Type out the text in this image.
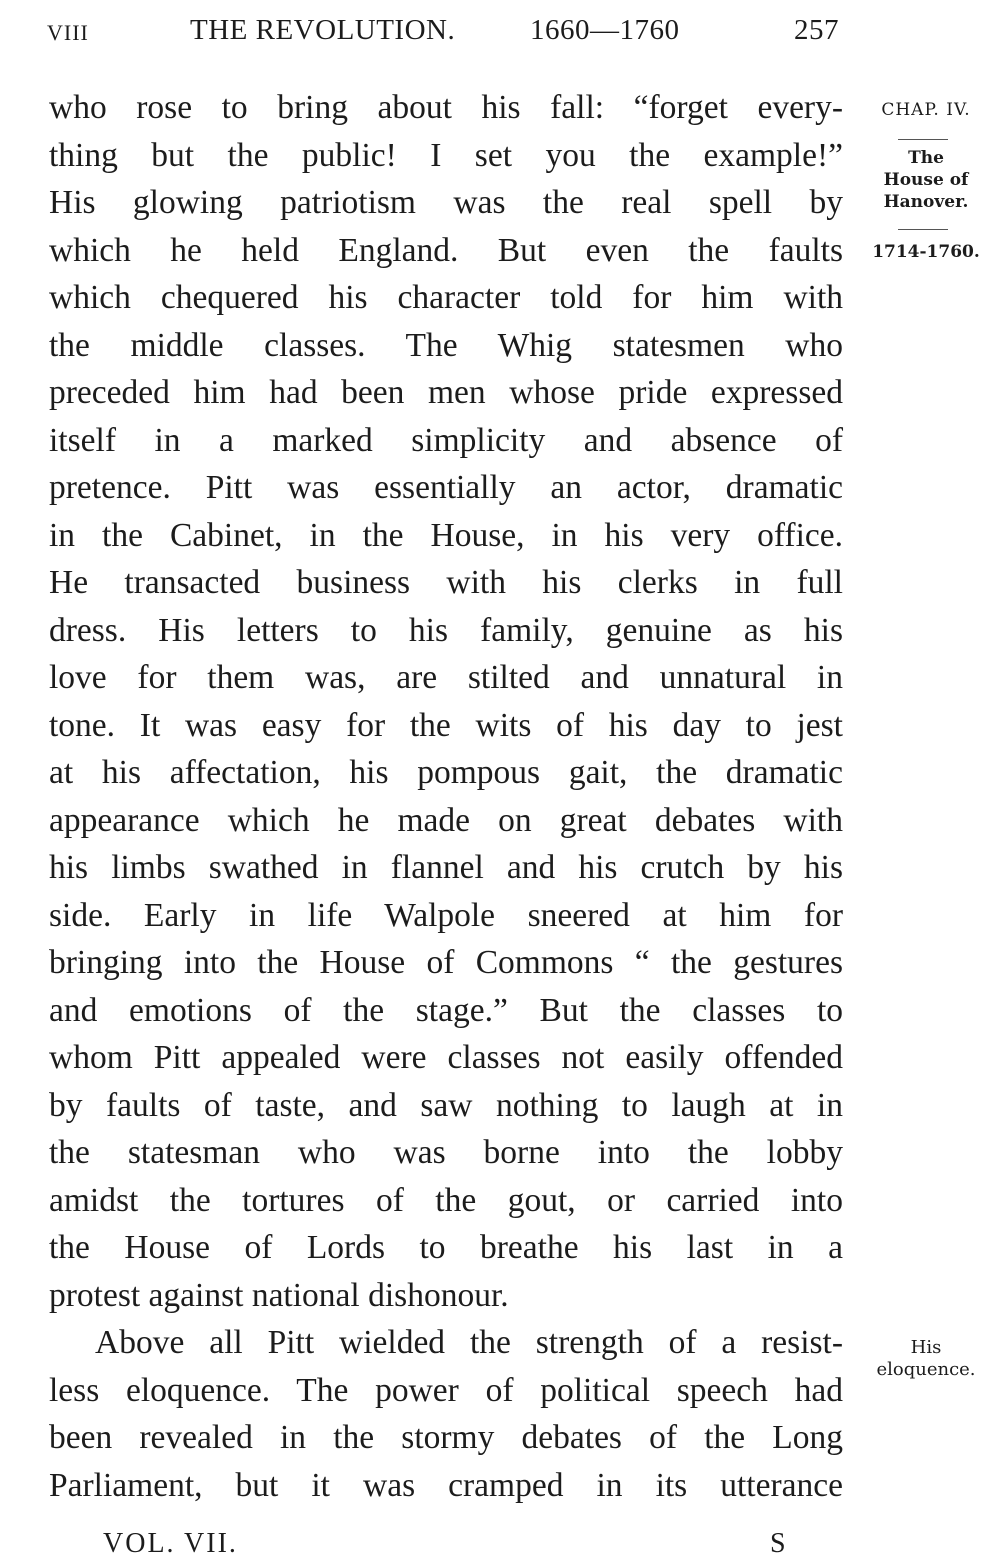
VIII	THE REVOLUTION.	1660—1760	257
CHAP. IV.
The
House of
Hanover.
1714-1760.
His
eloquence.
who rose to bring about his fall: “forget every-
thing but the public! I set you the example!”
His glowing patriotism was the real spell by
which he held England. But even the faults
which chequered his character told for him with
the middle classes. The Whig statesmen who
preceded him had been men whose pride expressed
itself in a marked simplicity and absence of
pretence. Pitt was essentially an actor, dramatic
in the Cabinet, in the House, in his very office.
He transacted business with his clerks in full
dress. His letters to his family, genuine as his
love for them was, are stilted and unnatural in
tone. It was easy for the wits of his day to jest
at his affectation, his pompous gait, the dramatic
appearance which he made on great debates with
his limbs swathed in flannel and his crutch by his
side. Early in life Walpole sneered at him for
bringing into the House of Commons “ the gestures
and emotions of the stage.” But the classes to
whom Pitt appealed were classes not easily offended
by faults of taste, and saw nothing to laugh at in
the statesman who was borne into the lobby
amidst the tortures of the gout, or carried into
the House of Lords to breathe his last in a
protest against national dishonour.
Above all Pitt wielded the strength of a resist-
less eloquence. The power of political speech had
been revealed in the stormy debates of the Long
Parliament, but it was cramped in its utterance
VOL. VII.	S
